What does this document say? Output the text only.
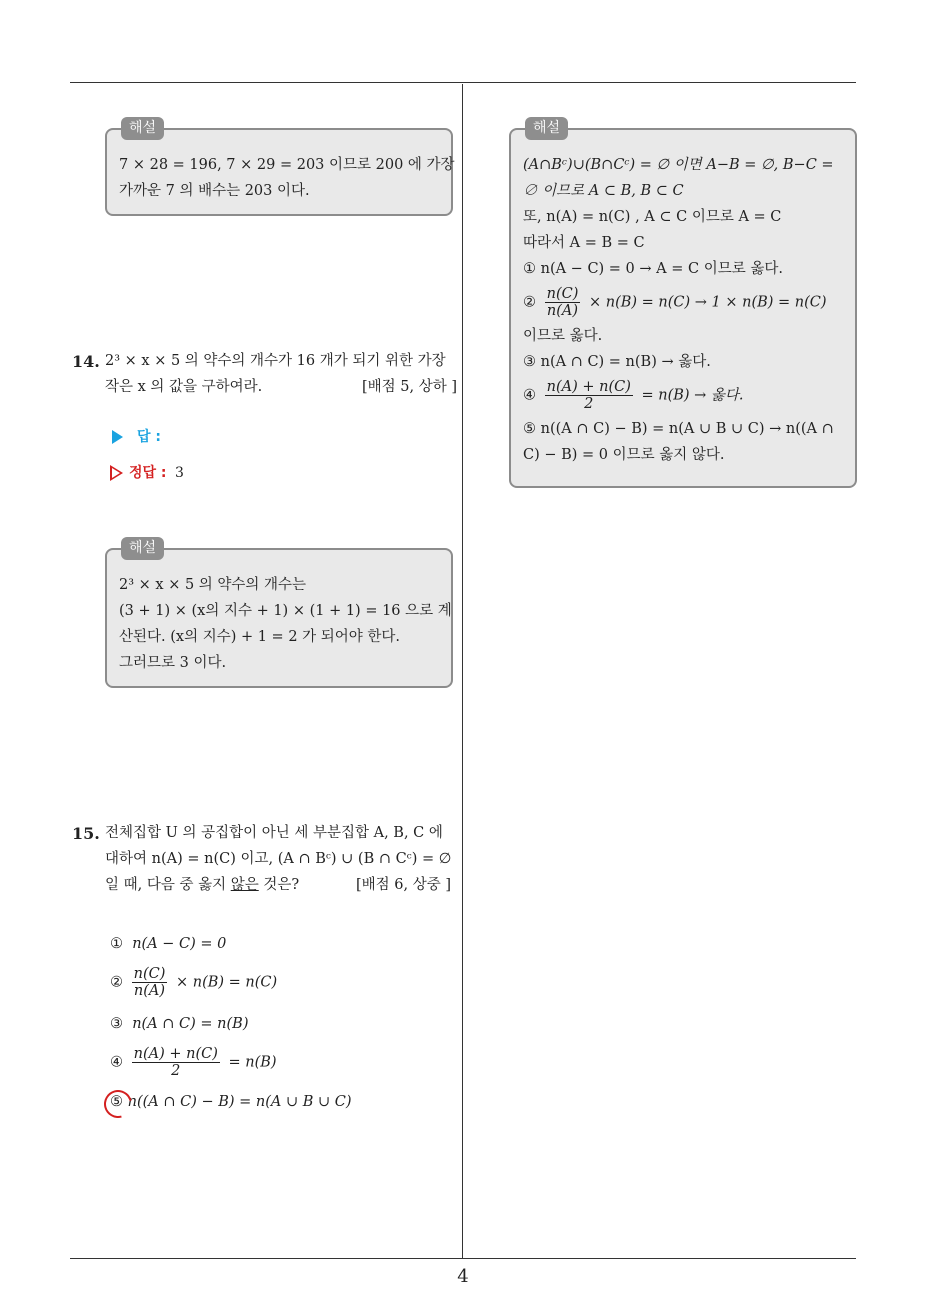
해설
7 × 28 = 196, 7 × 29 = 203 이므로 200 에 가장
가까운 7 의 배수는 203 이다.
14. 2³ × x × 5 의 약수의 개수가 16 개가 되기 위한 가장
작은 x 의 값을 구하여라.	[배점 5, 상하 ]
답 :
정답 : 3
해설
2³ × x × 5 의 약수의 개수는
(3 + 1) × (x의 지수 + 1) × (1 + 1) = 16 으로 계
산된다. (x의 지수) + 1 = 2 가 되어야 한다.
그러므로 3 이다.
15. 전체집합 U 의 공집합이 아닌 세 부분집합 A, B, C 에
대하여 n(A) = n(C) 이고, (A ∩ Bᶜ) ∪ (B ∩ Cᶜ) = ∅
일 때, 다음 중 옳지 않은 것은?	[배점 6, 상중 ]
① n(A − C) = 0
② $\frac{n(C)}{n(A)} \times n(B) = n(C)$
③ n(A ∩ C) = n(B)
④ $\frac{n(A) + n(C)}{2} = n(B)$
⑤ n((A ∩ C) − B) = n(A ∪ B ∪ C)
해설
(A∩Bᶜ)∪(B∩Cᶜ) = ∅ 이면 A−B = ∅, B−C =
∅ 이므로 A ⊂ B, B ⊂ C
또, n(A) = n(C) , A ⊂ C 이므로 A = C
따라서 A = B = C
① n(A − C) = 0 → A = C 이므로 옳다.
② $\frac{n(C)}{n(A)} \times n(B) = n(C) \to 1 \times n(B) = n(C)$
이므로 옳다.
③ n(A ∩ C) = n(B) → 옳다.
④ $\frac{n(A) + n(C)}{2} = n(B)$ → 옳다.
⑤ n((A ∩ C) − B) = n(A ∪ B ∪ C) → n((A ∩
C) − B) = 0 이므로 옳지 않다.
4
